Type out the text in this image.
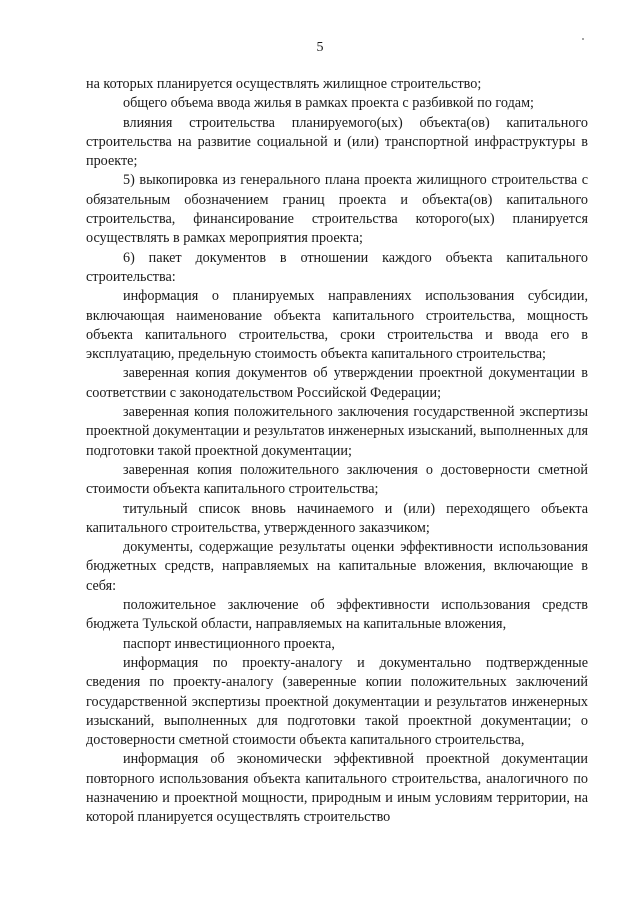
5

на которых планируется осуществлять жилищное строительство;

общего объема ввода жилья в рамках проекта с разбивкой по годам;

влияния строительства планируемого(ых) объекта(ов) капитального строительства на развитие социальной и (или) транспортной инфраструктуры в проекте;

5) выкопировка из генерального плана проекта жилищного строительства с обязательным обозначением границ проекта и объекта(ов) капитального строительства, финансирование строительства которого(ых) планируется осуществлять в рамках мероприятия проекта;

6) пакет документов в отношении каждого объекта капитального строительства:

информация о планируемых направлениях использования субсидии, включающая наименование объекта капитального строительства, мощность объекта капитального строительства, сроки строительства и ввода его в эксплуатацию, предельную стоимость объекта капитального строительства;

заверенная копия документов об утверждении проектной документации в соответствии с законодательством Российской Федерации;

заверенная копия положительного заключения государственной экспертизы проектной документации и результатов инженерных изысканий, выполненных для подготовки такой проектной документации;

заверенная копия положительного заключения о достоверности сметной стоимости объекта капитального строительства;

титульный список вновь начинаемого и (или) переходящего объекта капитального строительства, утвержденного заказчиком;

документы, содержащие результаты оценки эффективности использования бюджетных средств, направляемых на капитальные вложения, включающие в себя:

положительное заключение об эффективности использования средств бюджета Тульской области, направляемых на капитальные вложения,

паспорт инвестиционного проекта,

информация по проекту-аналогу и документально подтвержденные сведения по проекту-аналогу (заверенные копии положительных заключений государственной экспертизы проектной документации и результатов инженерных изысканий, выполненных для подготовки такой проектной документации; о достоверности сметной стоимости объекта капитального строительства,

информация об экономически эффективной проектной документации повторного использования объекта капитального строительства, аналогичного по назначению и проектной мощности, природным и иным условиям территории, на которой планируется осуществлять строительство
